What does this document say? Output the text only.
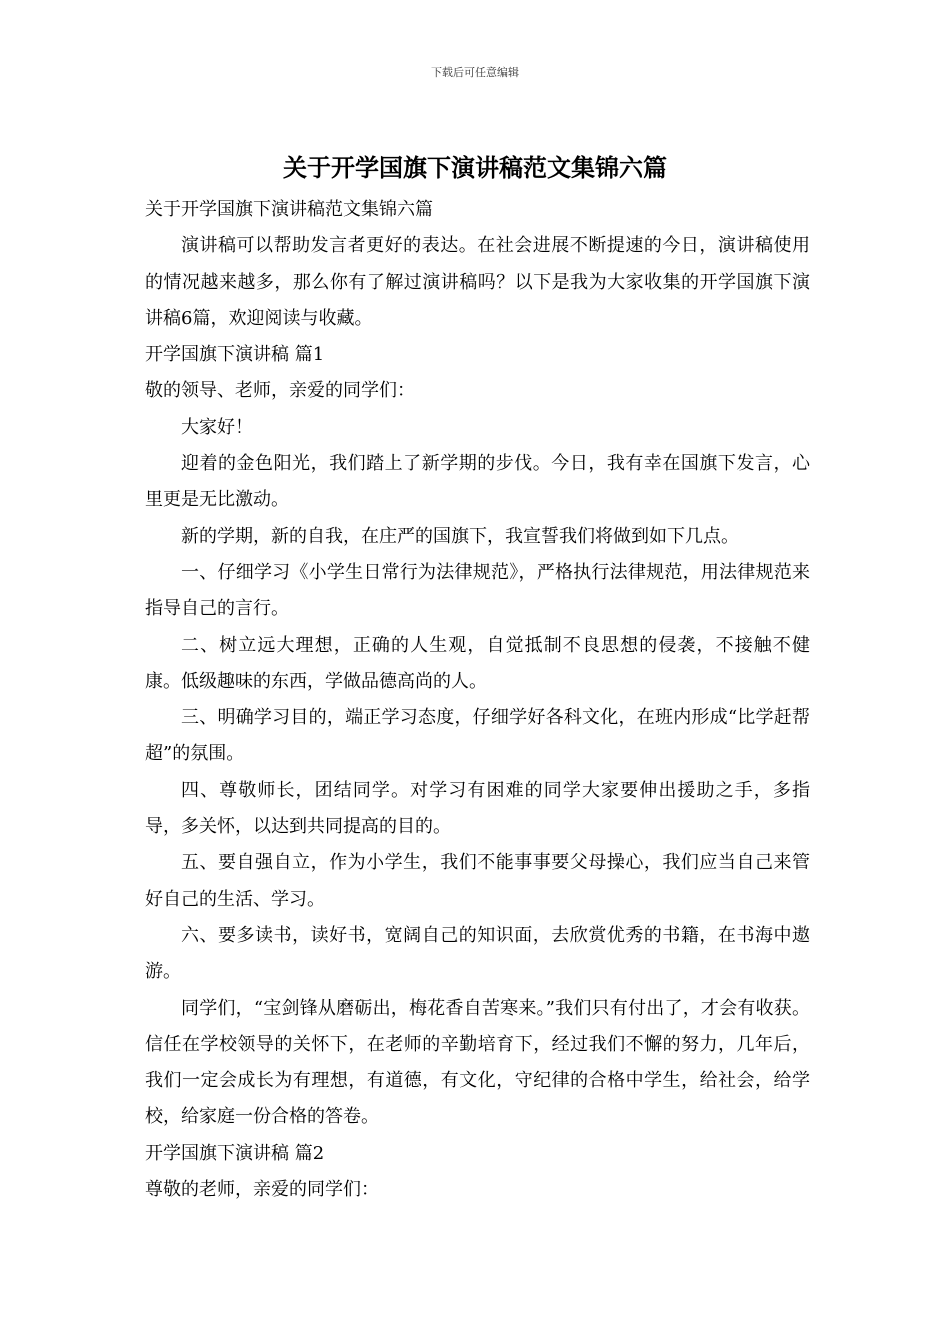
下载后可任意编辑
关于开学国旗下演讲稿范文集锦六篇

关于开学国旗下演讲稿范文集锦六篇

演讲稿可以帮助发言者更好的表达。在社会进展不断提速的今日，演讲稿使用的情况越来越多，那么你有了解过演讲稿吗？以下是我为大家收集的开学国旗下演讲稿6篇，欢迎阅读与收藏。

开学国旗下演讲稿 篇1

敬的领导、老师，亲爱的同学们：

大家好！

迎着的金色阳光，我们踏上了新学期的步伐。今日，我有幸在国旗下发言，心里更是无比激动。

新的学期，新的自我，在庄严的国旗下，我宣誓我们将做到如下几点。

一、仔细学习《小学生日常行为法律规范》，严格执行法律规范，用法律规范来指导自己的言行。

二、树立远大理想，正确的人生观，自觉抵制不良思想的侵袭，不接触不健康。低级趣味的东西，学做品德高尚的人。

三、明确学习目的，端正学习态度，仔细学好各科文化，在班内形成“比学赶帮超”的氛围。

四、尊敬师长，团结同学。对学习有困难的同学大家要伸出援助之手，多指导，多关怀，以达到共同提高的目的。

五、要自强自立，作为小学生，我们不能事事要父母操心，我们应当自己来管好自己的生活、学习。

六、要多读书，读好书，宽阔自己的知识面，去欣赏优秀的书籍，在书海中遨游。

同学们，“宝剑锋从磨砺出，梅花香自苦寒来。”我们只有付出了，才会有收获。信任在学校领导的关怀下，在老师的辛勤培育下，经过我们不懈的努力，几年后，我们一定会成长为有理想，有道德，有文化，守纪律的合格中学生，给社会，给学校，给家庭一份合格的答卷。

开学国旗下演讲稿 篇2

尊敬的老师，亲爱的同学们：
